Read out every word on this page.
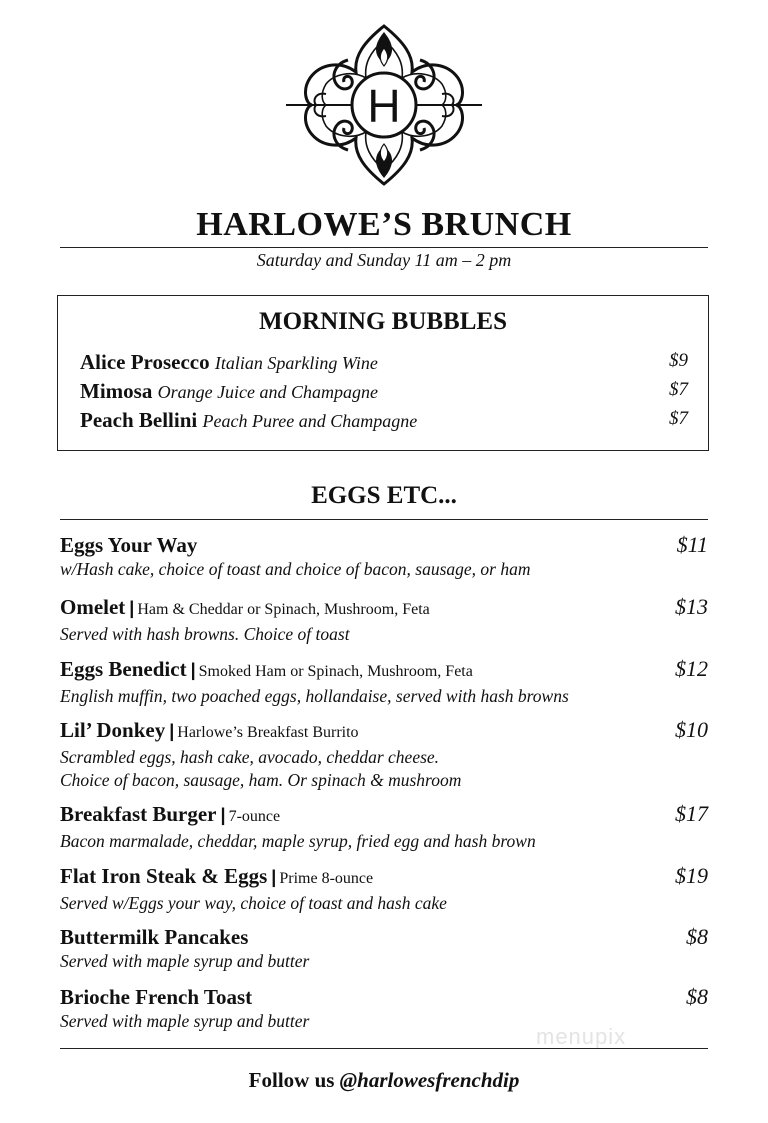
H
HARLOWE’S BRUNCH
Saturday and Sunday 11 am – 2 pm
MORNING BUBBLES
Alice Prosecco Italian Sparkling Wine	$9
Mimosa Orange Juice and Champagne	$7
Peach Bellini Peach Puree and Champagne	$7
EGGS ETC...
Eggs Your Way	$11
w/Hash cake, choice of toast and choice of bacon, sausage, or ham
Omelet | Ham & Cheddar or Spinach, Mushroom, Feta	$13
Served with hash browns. Choice of toast
Eggs Benedict | Smoked Ham or Spinach, Mushroom, Feta	$12
English muffin, two poached eggs, hollandaise, served with hash browns
Lil’ Donkey | Harlowe’s Breakfast Burrito	$10
Scrambled eggs, hash cake, avocado, cheddar cheese.
Choice of bacon, sausage, ham. Or spinach & mushroom
Breakfast Burger | 7-ounce	$17
Bacon marmalade, cheddar, maple syrup, fried egg and hash brown
Flat Iron Steak & Eggs | Prime 8-ounce	$19
Served w/Eggs your way, choice of toast and hash cake
Buttermilk Pancakes	$8
Served with maple syrup and butter
Brioche French Toast	$8
Served with maple syrup and butter
menupix
Follow us @harlowesfrenchdip
